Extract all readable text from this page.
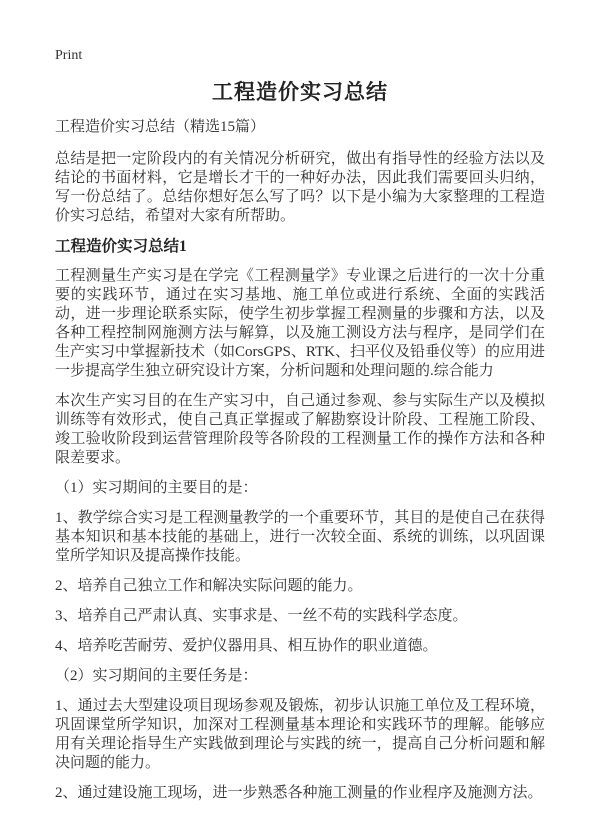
Print
工程造价实习总结
工程造价实习总结（精选15篇）
总结是把一定阶段内的有关情况分析研究，做出有指导性的经验方法以及结论的书面材料，它是增长才干的一种好办法，因此我们需要回头归纳，写一份总结了。总结你想好怎么写了吗？以下是小编为大家整理的工程造价实习总结，希望对大家有所帮助。
工程造价实习总结1
工程测量生产实习是在学完《工程测量学》专业课之后进行的一次十分重要的实践环节，通过在实习基地、施工单位或进行系统、全面的实践活动，进一步理论联系实际，使学生初步掌握工程测量的步骤和方法，以及各种工程控制网施测方法与解算，以及施工测设方法与程序，是同学们在生产实习中掌握新技术（如CorsGPS、RTK、扫平仪及铅垂仪等）的应用进一步提高学生独立研究设计方案，分析问题和处理问题的.综合能力
本次生产实习目的在生产实习中，自己通过参观、参与实际生产以及模拟训练等有效形式，使自己真正掌握或了解勘察设计阶段、工程施工阶段、竣工验收阶段到运营管理阶段等各阶段的工程测量工作的操作方法和各种限差要求。
（1）实习期间的主要目的是：
1、教学综合实习是工程测量教学的一个重要环节，其目的是使自己在获得基本知识和基本技能的基础上，进行一次较全面、系统的训练，以巩固课堂所学知识及提高操作技能。
2、培养自己独立工作和解决实际问题的能力。
3、培养自己严肃认真、实事求是、一丝不苟的实践科学态度。
4、培养吃苦耐劳、爱护仪器用具、相互协作的职业道德。
（2）实习期间的主要任务是：
1、通过去大型建设项目现场参观及锻炼，初步认识施工单位及工程环境，巩固课堂所学知识，加深对工程测量基本理论和实践环节的理解。能够应用有关理论指导生产实践做到理论与实践的统一，提高自己分析问题和解决问题的能力。
2、通过建设施工现场，进一步熟悉各种施工测量的作业程序及施测方法。
